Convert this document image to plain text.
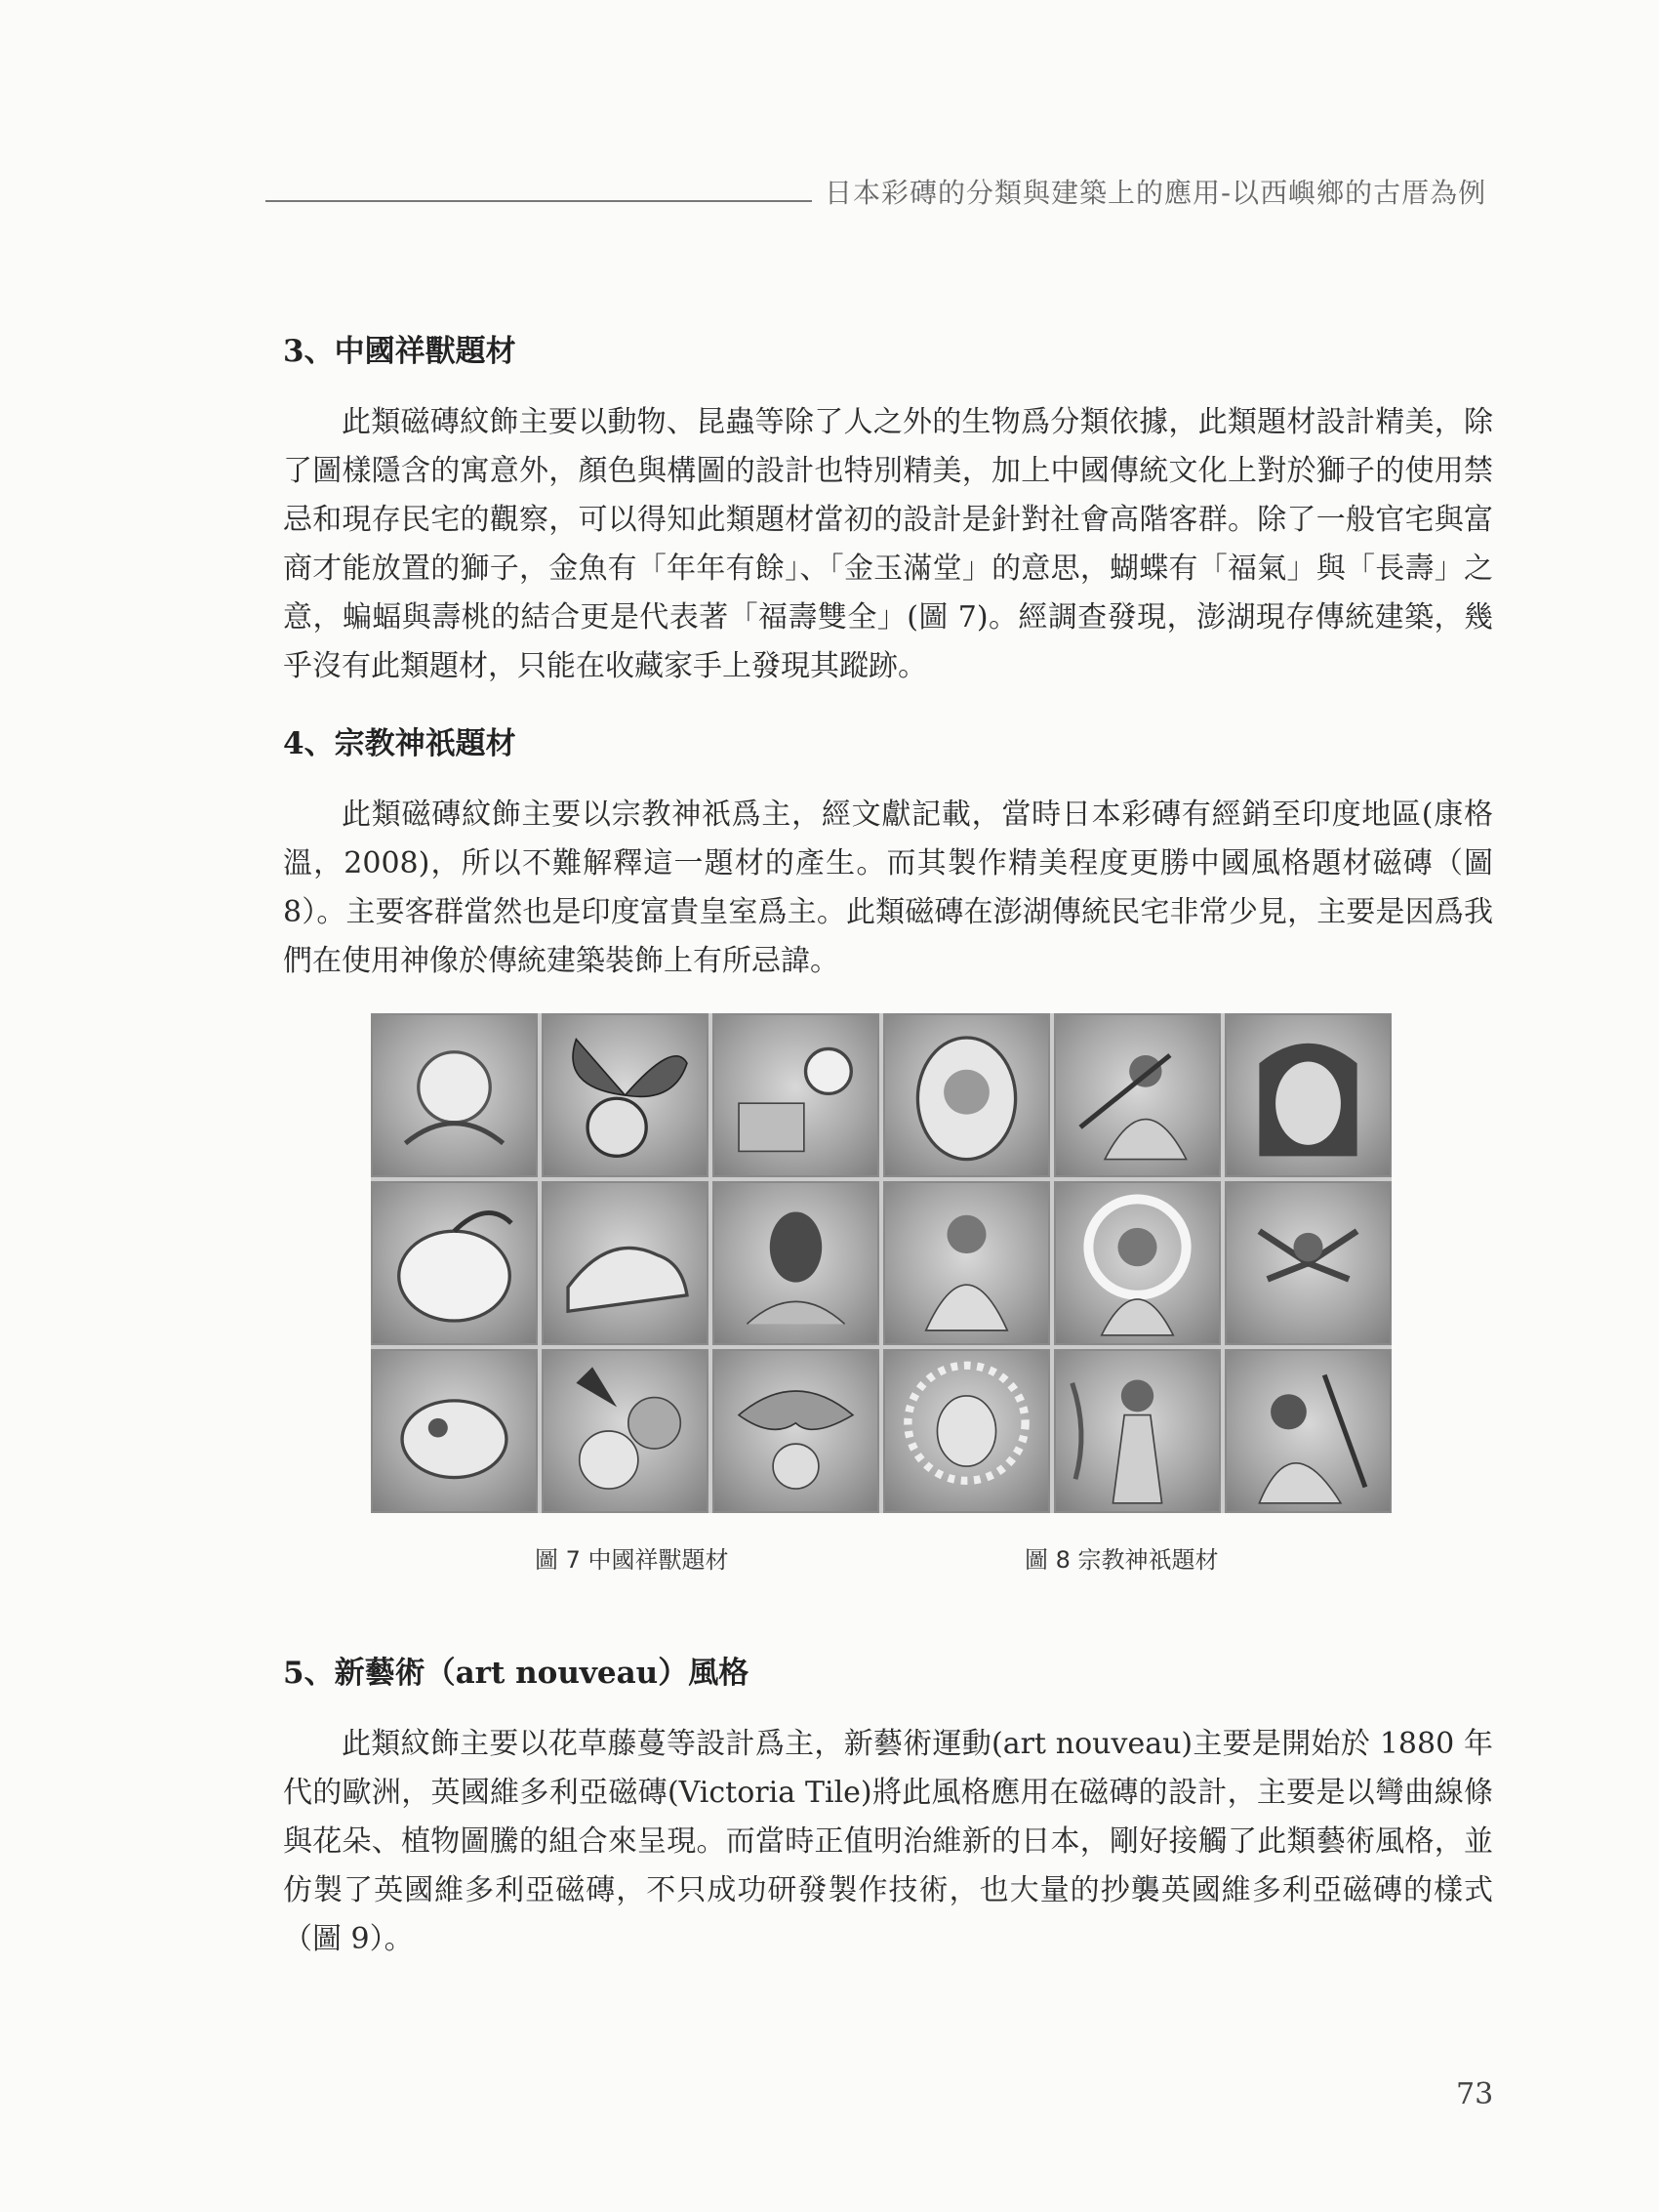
日本彩磚的分類與建築上的應用-以西嶼鄉的古厝為例
3、中國祥獸題材

此類磁磚紋飾主要以動物、昆蟲等除了人之外的生物爲分類依據，此類題材設計精美，除了圖樣隱含的寓意外，顏色與構圖的設計也特別精美，加上中國傳統文化上對於獅子的使用禁忌和現存民宅的觀察，可以得知此類題材當初的設計是針對社會高階客群。除了一般官宅與富商才能放置的獅子，金魚有「年年有餘」、「金玉滿堂」的意思，蝴蝶有「福氣」與「長壽」之意，蝙蝠與壽桃的結合更是代表著「福壽雙全」(圖 7)。經調查發現，澎湖現存傳統建築，幾乎沒有此類題材，只能在收藏家手上發現其蹤跡。

4、宗教神祇題材

此類磁磚紋飾主要以宗教神祇爲主，經文獻記載，當時日本彩磚有經銷至印度地區(康格溫，2008)，所以不難解釋這一題材的產生。而其製作精美程度更勝中國風格題材磁磚（圖 8）。主要客群當然也是印度富貴皇室爲主。此類磁磚在澎湖傳統民宅非常少見，主要是因爲我們在使用神像於傳統建築裝飾上有所忌諱。

圖 7 中國祥獸題材	圖 8 宗教神祇題材
5、新藝術（art nouveau）風格

此類紋飾主要以花草藤蔓等設計爲主，新藝術運動(art nouveau)主要是開始於 1880 年代的歐洲，英國維多利亞磁磚(Victoria Tile)將此風格應用在磁磚的設計，主要是以彎曲線條與花朵、植物圖騰的組合來呈現。而當時正值明治維新的日本，剛好接觸了此類藝術風格，並仿製了英國維多利亞磁磚，不只成功研發製作技術，也大量的抄襲英國維多利亞磁磚的樣式（圖 9）。

73
